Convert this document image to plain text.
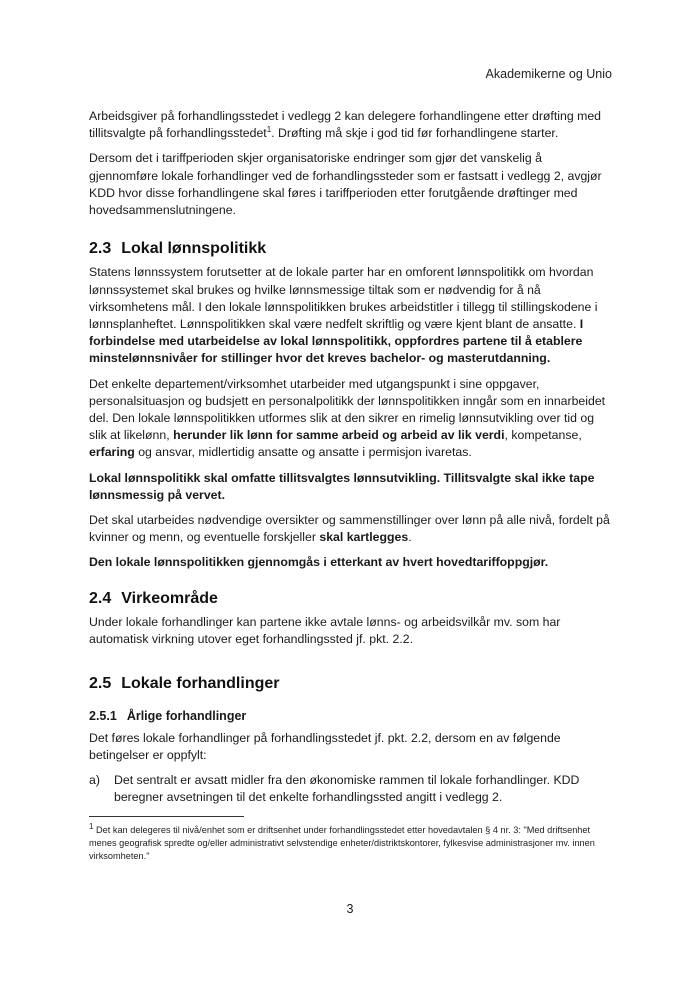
Akademikerne og Unio

Arbeidsgiver på forhandlingsstedet i vedlegg 2 kan delegere forhandlingene etter drøfting med tillitsvalgte på forhandlingsstedet$^1$. Drøfting må skje i god tid før forhandlingene starter.

Dersom det i tariffperioden skjer organisatoriske endringer som gjør det vanskelig å gjennomføre lokale forhandlinger ved de forhandlingssteder som er fastsatt i vedlegg 2, avgjør KDD hvor disse forhandlingene skal føres i tariffperioden etter forutgående drøftinger med hovedsammenslutningene.

2.3 Lokal lønnspolitikk

Statens lønnssystem forutsetter at de lokale parter har en omforent lønnspolitikk om hvordan lønnssystemet skal brukes og hvilke lønnsmessige tiltak som er nødvendig for å nå virksomhetens mål. I den lokale lønnspolitikken brukes arbeidstitler i tillegg til stillingskodene i lønnsplanheftet. Lønnspolitikken skal være nedfelt skriftlig og være kjent blant de ansatte. I forbindelse med utarbeidelse av lokal lønnspolitikk, oppfordres partene til å etablere minstelønnsnivåer for stillinger hvor det kreves bachelor- og masterutdanning.

Det enkelte departement/virksomhet utarbeider med utgangspunkt i sine oppgaver, personalsituasjon og budsjett en personalpolitikk der lønnspolitikken inngår som en innarbeidet del. Den lokale lønnspolitikken utformes slik at den sikrer en rimelig lønnsutvikling over tid og slik at likelønn, herunder lik lønn for samme arbeid og arbeid av lik verdi, kompetanse, erfaring og ansvar, midlertidig ansatte og ansatte i permisjon ivaretas.

Lokal lønnspolitikk skal omfatte tillitsvalgtes lønnsutvikling. Tillitsvalgte skal ikke tape lønnsmessig på vervet.

Det skal utarbeides nødvendige oversikter og sammenstillinger over lønn på alle nivå, fordelt på kvinner og menn, og eventuelle forskjeller skal kartlegges.

Den lokale lønnspolitikken gjennomgås i etterkant av hvert hovedtariffoppgjør.

2.4 Virkeområde

Under lokale forhandlinger kan partene ikke avtale lønns- og arbeidsvilkår mv. som har automatisk virkning utover eget forhandlingssted jf. pkt. 2.2.

2.5 Lokale forhandlinger
2.5.1 Årlige forhandlinger

Det føres lokale forhandlinger på forhandlingsstedet jf. pkt. 2.2, dersom en av følgende betingelser er oppfylt:

a) Det sentralt er avsatt midler fra den økonomiske rammen til lokale forhandlinger. KDD beregner avsetningen til det enkelte forhandlingssted angitt i vedlegg 2.
$^1$ Det kan delegeres til nivå/enhet som er driftsenhet under forhandlingsstedet etter hovedavtalen § 4 nr. 3: "Med driftsenhet menes geografisk spredte og/eller administrativt selvstendige enheter/distriktskontorer, fylkesvise administrasjoner mv. innen virksomheten."
3
